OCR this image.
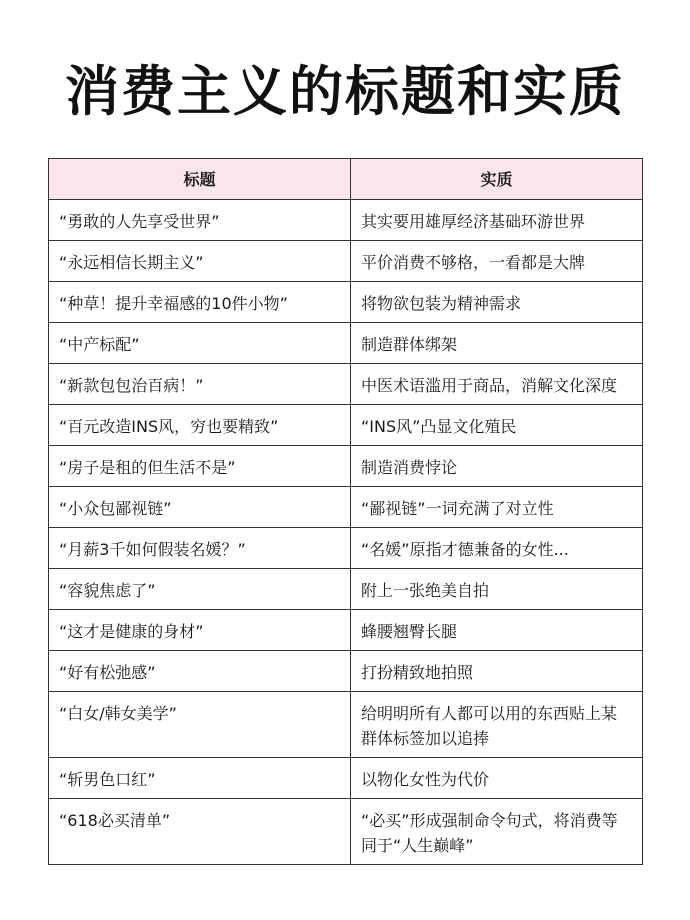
消费主义的标题和实质
标题	实质
“勇敢的人先享受世界”	其实要用雄厚经济基础环游世界
“永远相信长期主义”	平价消费不够格，一看都是大牌
“种草！提升幸福感的10件小物”	将物欲包装为精神需求
“中产标配”	制造群体绑架
“新款包包治百病！”	中医术语滥用于商品，消解文化深度
“百元改造INS风，穷也要精致”	“INS风”凸显文化殖民
“房子是租的但生活不是”	制造消费悖论
“小众包鄙视链”	“鄙视链”一词充满了对立性
“月薪3千如何假装名媛？”	“名媛”原指才德兼备的女性...
“容貌焦虑了”	附上一张绝美自拍
“这才是健康的身材”	蜂腰翘臀长腿
“好有松弛感”	打扮精致地拍照
“白女/韩女美学”	给明明所有人都可以用的东西贴上某群体标签加以追捧
“斩男色口红”	以物化女性为代价
“618必买清单”	“必买”形成强制命令句式，将消费等同于“人生巅峰”
